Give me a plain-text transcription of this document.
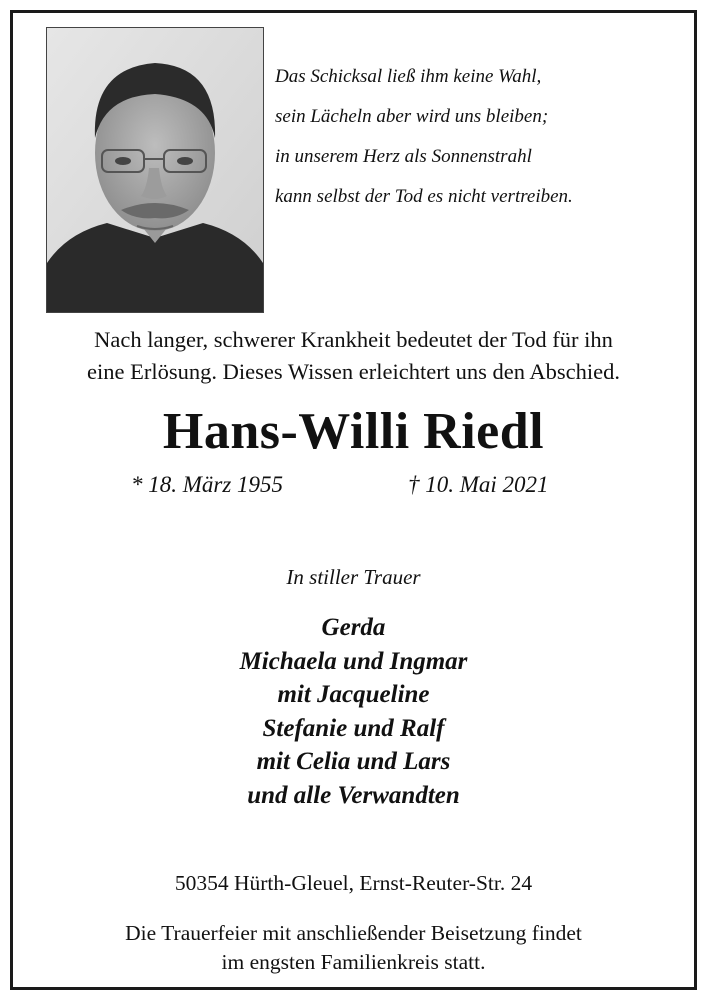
Das Schicksal ließ ihm keine Wahl,
sein Lächeln aber wird uns bleiben;
in unserem Herz als Sonnenstrahl
kann selbst der Tod es nicht vertreiben.
Nach langer, schwerer Krankheit bedeutet der Tod für ihn
eine Erlösung. Dieses Wissen erleichtert uns den Abschied.
Hans-Willi Riedl
* 18. März 1955	† 10. Mai 2021
In stiller Trauer
Gerda
Michaela und Ingmar
mit Jacqueline
Stefanie und Ralf
mit Celia und Lars
und alle Verwandten
50354 Hürth-Gleuel, Ernst-Reuter-Str. 24
Die Trauerfeier mit anschließender Beisetzung findet
im engsten Familienkreis statt.
